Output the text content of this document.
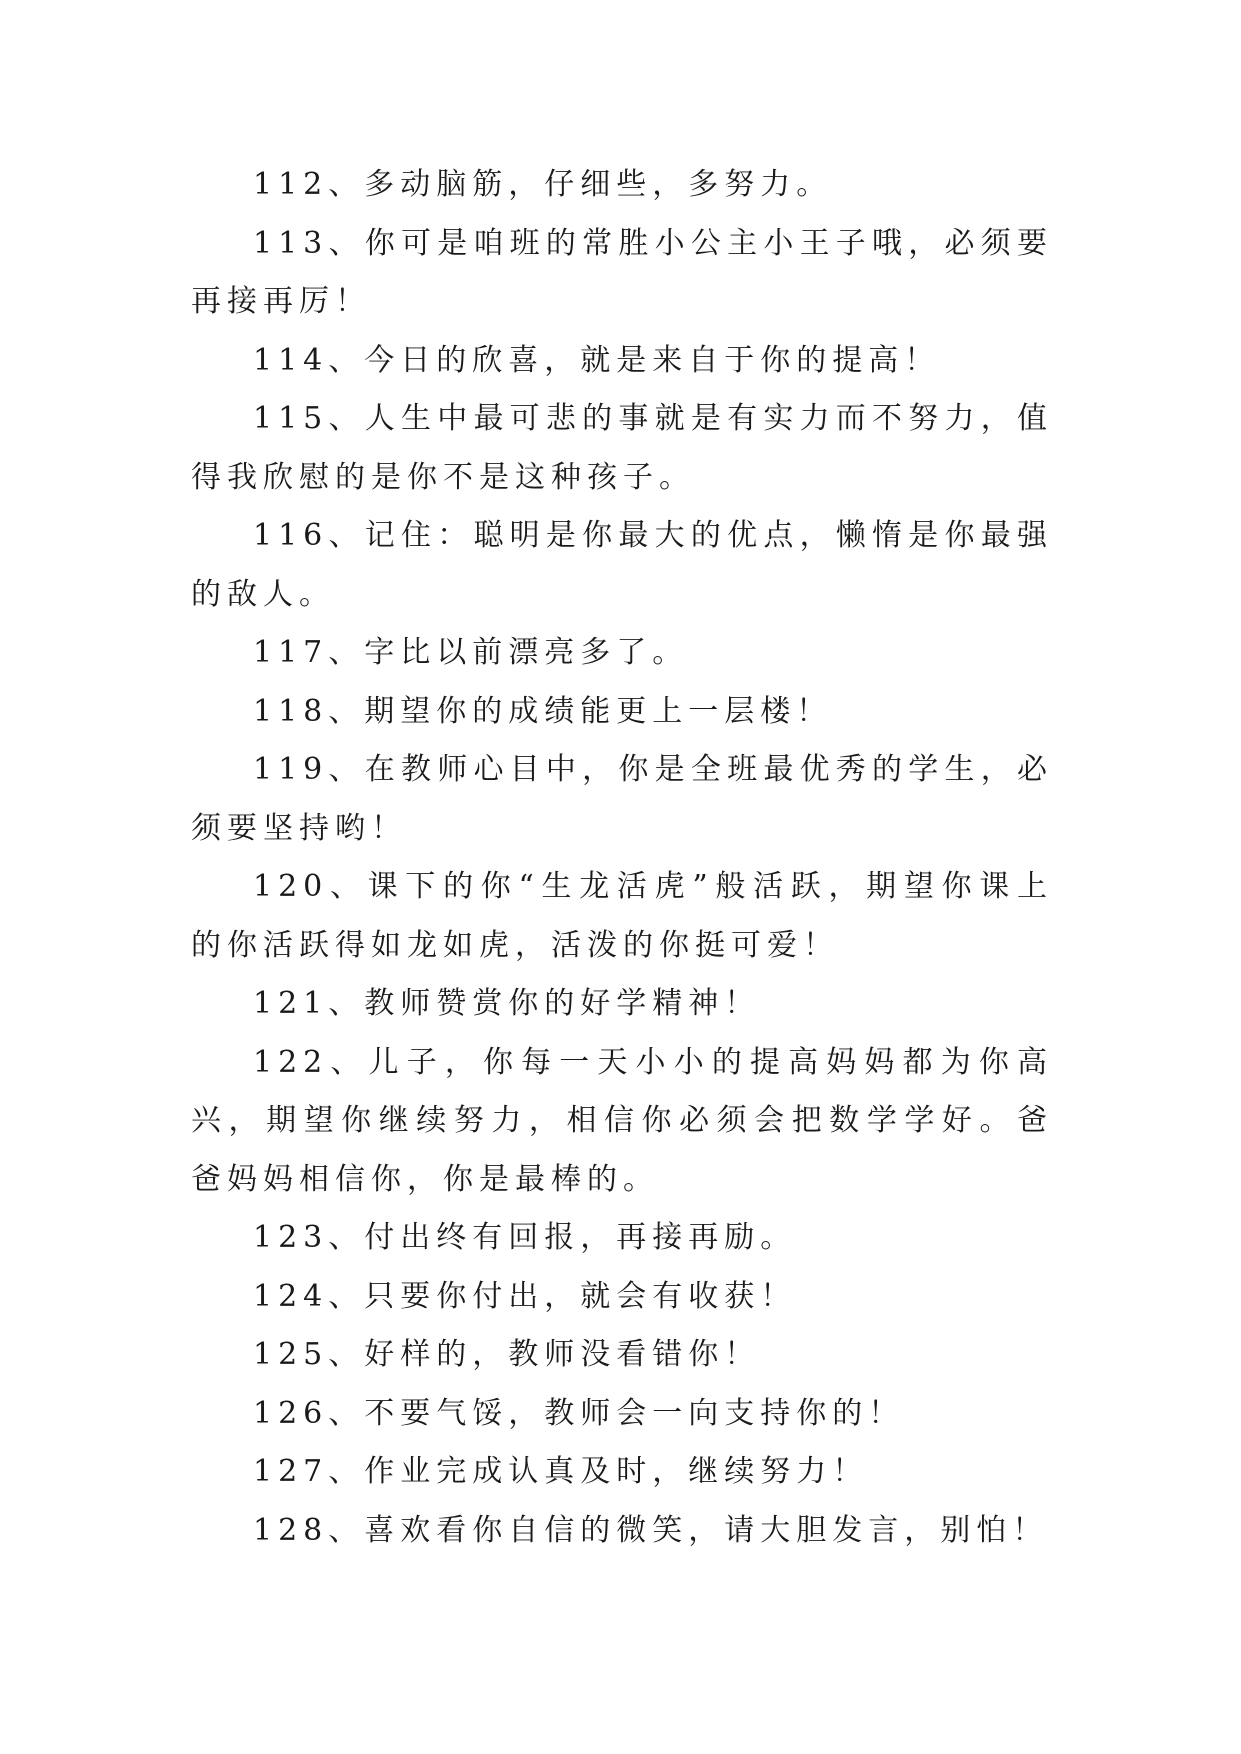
112、多动脑筋，仔细些，多努力。

113、你可是咱班的常胜小公主小王子哦，必须要再接再厉！

114、今日的欣喜，就是来自于你的提高！

115、人生中最可悲的事就是有实力而不努力，值得我欣慰的是你不是这种孩子。

116、记住：聪明是你最大的优点，懒惰是你最强的敌人。

117、字比以前漂亮多了。

118、期望你的成绩能更上一层楼！

119、在教师心目中，你是全班最优秀的学生，必须要坚持哟！

120、课下的你“生龙活虎”般活跃，期望你课上的你活跃得如龙如虎，活泼的你挺可爱！

121、教师赞赏你的好学精神！

122、儿子，你每一天小小的提高妈妈都为你高兴，期望你继续努力，相信你必须会把数学学好。爸爸妈妈相信你，你是最棒的。

123、付出终有回报，再接再励。

124、只要你付出，就会有收获！

125、好样的，教师没看错你！

126、不要气馁，教师会一向支持你的！

127、作业完成认真及时，继续努力！

128、喜欢看你自信的微笑，请大胆发言，别怕！
